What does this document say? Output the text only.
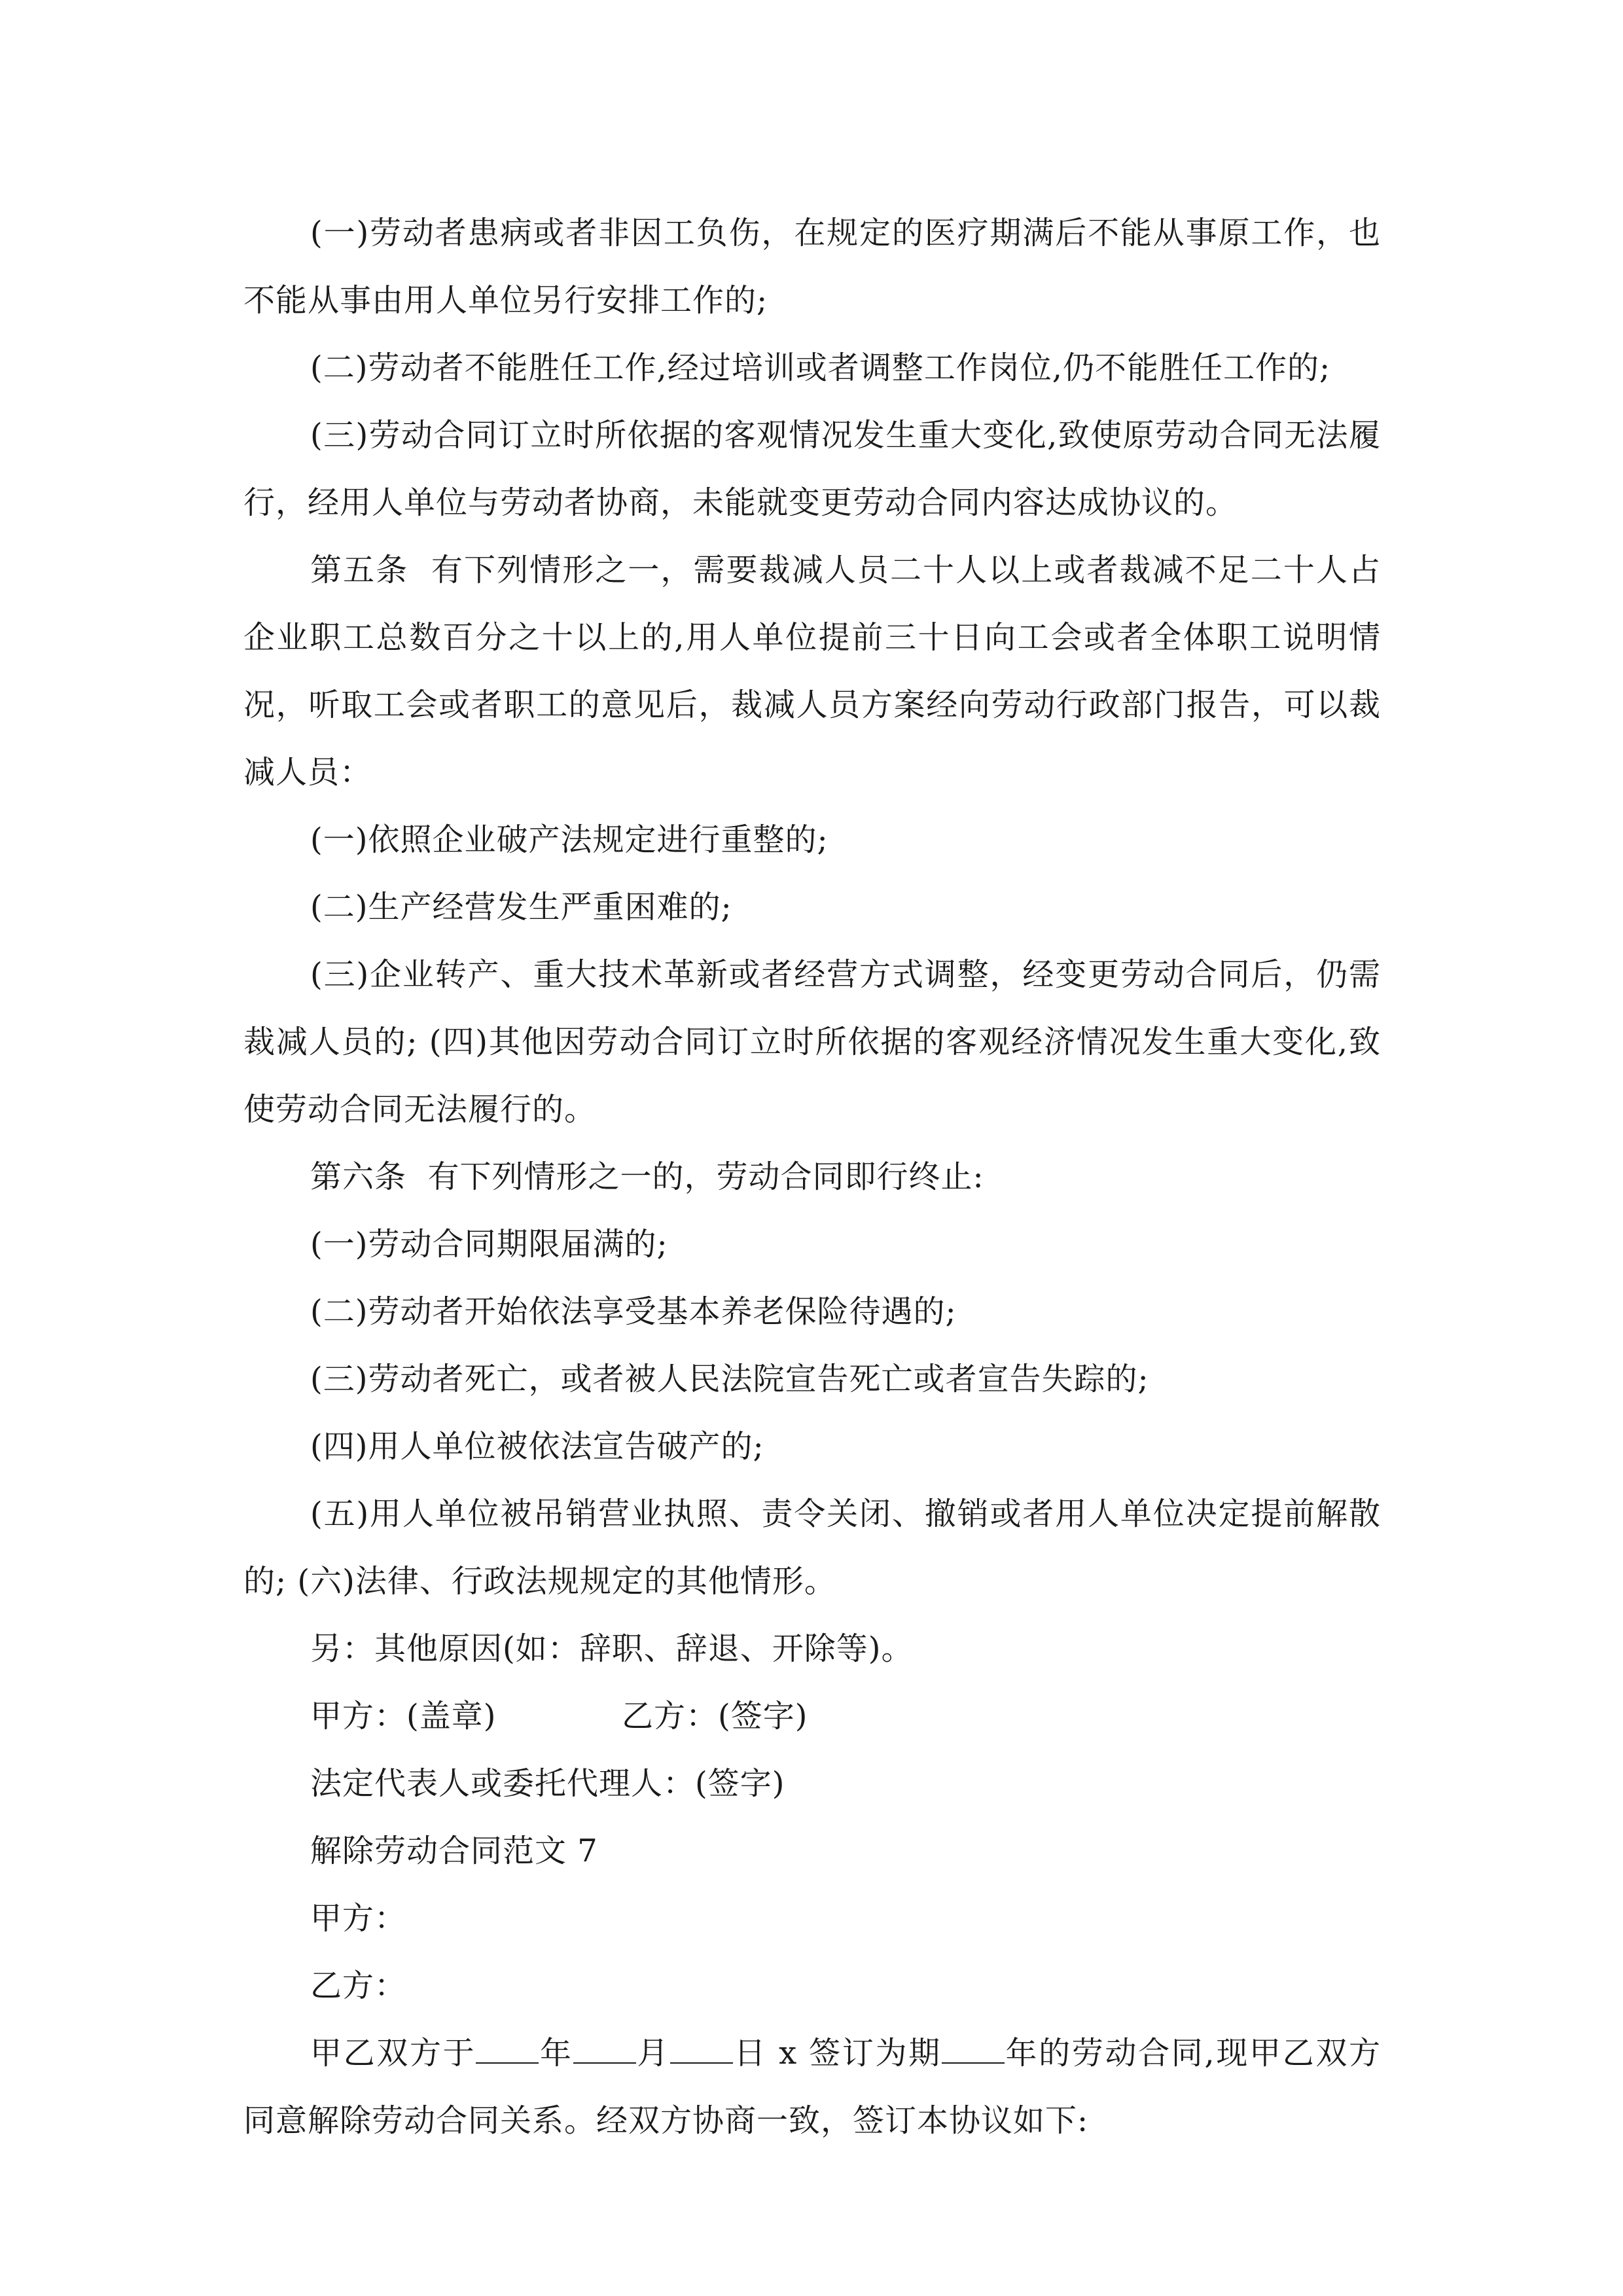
(一)劳动者患病或者非因工负伤，在规定的医疗期满后不能从事原工作，也不能从事由用人单位另行安排工作的;

(二)劳动者不能胜任工作,经过培训或者调整工作岗位,仍不能胜任工作的;

(三)劳动合同订立时所依据的客观情况发生重大变化,致使原劳动合同无法履行，经用人单位与劳动者协商，未能就变更劳动合同内容达成协议的。

第五条  有下列情形之一，需要裁减人员二十人以上或者裁减不足二十人占企业职工总数百分之十以上的,用人单位提前三十日向工会或者全体职工说明情况，听取工会或者职工的意见后，裁减人员方案经向劳动行政部门报告，可以裁减人员：

(一)依照企业破产法规定进行重整的;

(二)生产经营发生严重困难的;

(三)企业转产、重大技术革新或者经营方式调整，经变更劳动合同后，仍需裁减人员的; (四)其他因劳动合同订立时所依据的客观经济情况发生重大变化,致使劳动合同无法履行的。

第六条  有下列情形之一的，劳动合同即行终止:

(一)劳动合同期限届满的;

(二)劳动者开始依法享受基本养老保险待遇的;

(三)劳动者死亡，或者被人民法院宣告死亡或者宣告失踪的;

(四)用人单位被依法宣告破产的;

(五)用人单位被吊销营业执照、责令关闭、撤销或者用人单位决定提前解散的; (六)法律、行政法规规定的其他情形。

另：其他原因(如：辞职、辞退、开除等)。

甲方：(盖章)	乙方：(签字)

法定代表人或委托代理人：(签字)

解除劳动合同范文 7

甲方：

乙方：

甲乙双方于 年 月 日 x 签订为期 年的劳动合同,现甲乙双方同意解除劳动合同关系。经双方协商一致，签订本协议如下:
